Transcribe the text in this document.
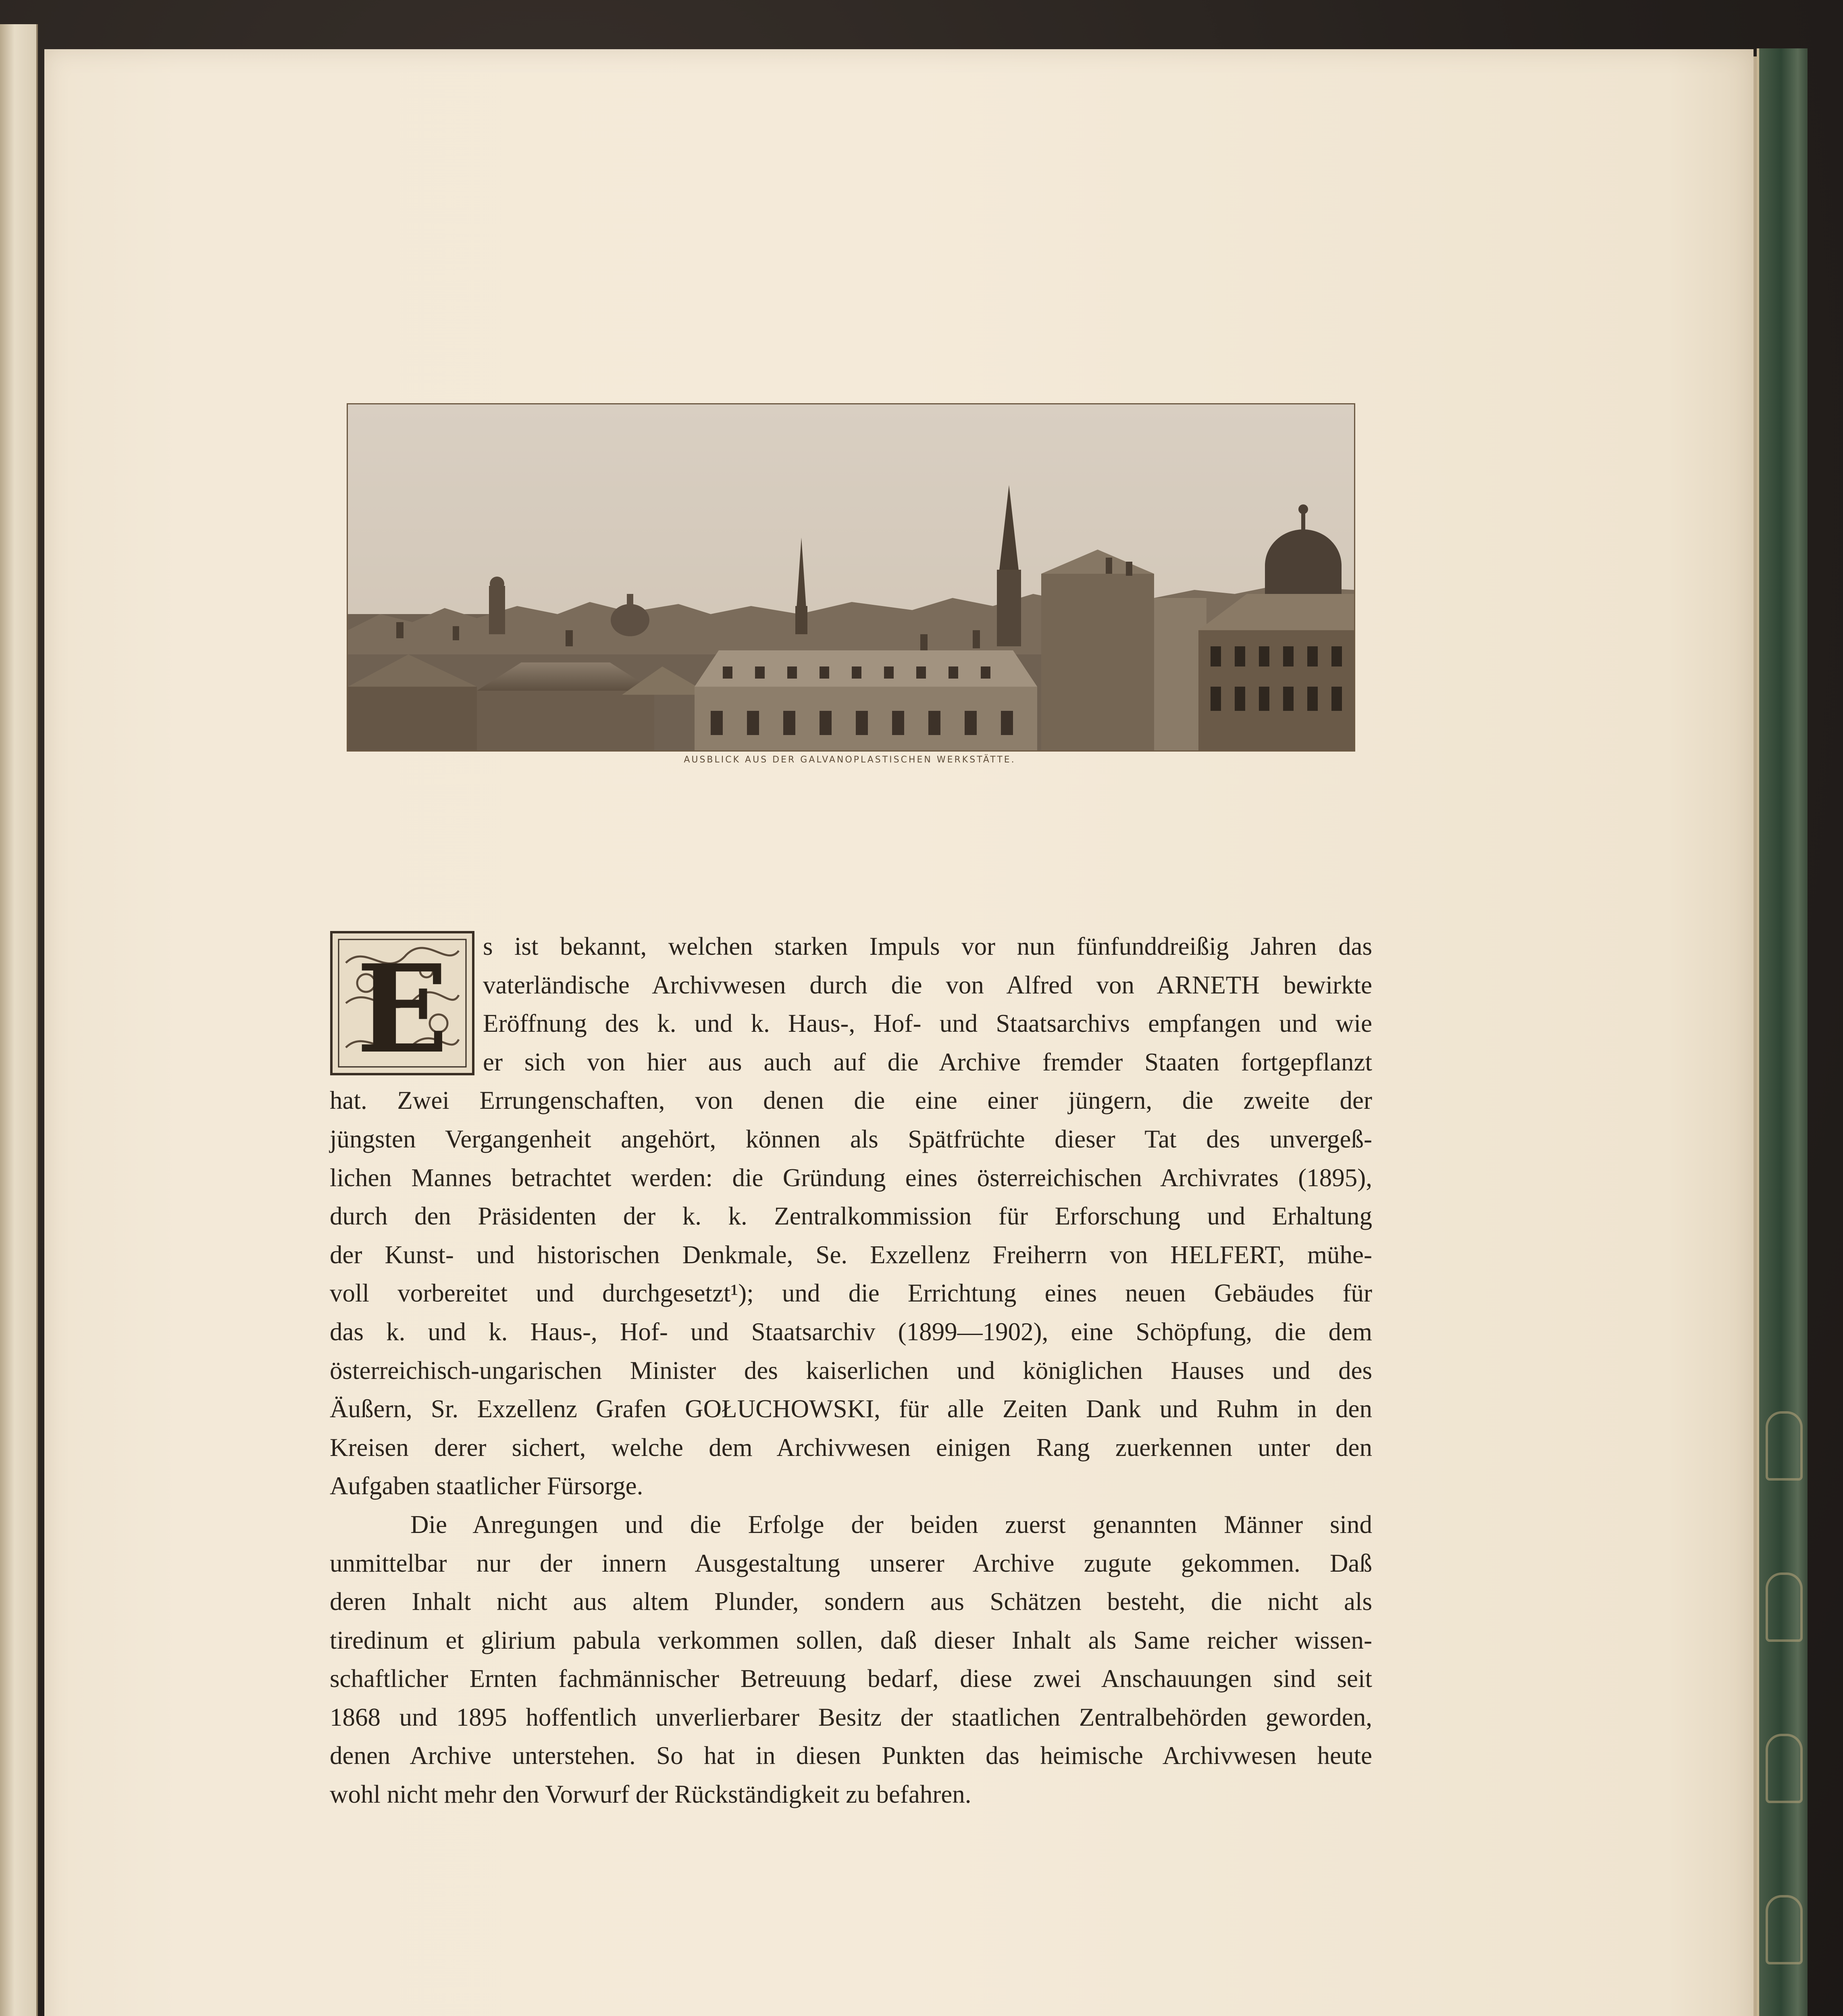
AUSBLICK AUS DER GALVANOPLASTISCHEN WERKSTÄTTE.
E s ist bekannt, welchen starken Impuls vor nun fünfunddreißig Jahren das
vaterländische Archivwesen durch die von Alfred von ARNETH bewirkte
Eröffnung des k. und k. Haus-, Hof- und Staatsarchivs empfangen und wie
er sich von hier aus auch auf die Archive fremder Staaten fortgepflanzt
hat. Zwei Errungenschaften, von denen die eine einer jüngern, die zweite der
jüngsten Vergangenheit angehört, können als Spätfrüchte dieser Tat des unvergeß-
lichen Mannes betrachtet werden: die Gründung eines österreichischen Archivrates (1895),
durch den Präsidenten der k. k. Zentralkommission für Erforschung und Erhaltung
der Kunst- und historischen Denkmale, Se. Exzellenz Freiherrn von HELFERT, mühe-
voll vorbereitet und durchgesetzt¹); und die Errichtung eines neuen Gebäudes für
das k. und k. Haus-, Hof- und Staatsarchiv (1899—1902), eine Schöpfung, die dem
österreichisch-ungarischen Minister des kaiserlichen und königlichen Hauses und des
Äußern, Sr. Exzellenz Grafen GOŁUCHOWSKI, für alle Zeiten Dank und Ruhm in den
Kreisen derer sichert, welche dem Archivwesen einigen Rang zuerkennen unter den
Aufgaben staatlicher Fürsorge.
Die Anregungen und die Erfolge der beiden zuerst genannten Männer sind
unmittelbar nur der innern Ausgestaltung unserer Archive zugute gekommen. Daß
deren Inhalt nicht aus altem Plunder, sondern aus Schätzen besteht, die nicht als
tiredinum et glirium pabula verkommen sollen, daß dieser Inhalt als Same reicher wissen-
schaftlicher Ernten fachmännischer Betreuung bedarf, diese zwei Anschauungen sind seit
1868 und 1895 hoffentlich unverlierbarer Besitz der staatlichen Zentralbehörden geworden,
denen Archive unterstehen. So hat in diesen Punkten das heimische Archivwesen heute
wohl nicht mehr den Vorwurf der Rückständigkeit zu befahren.
